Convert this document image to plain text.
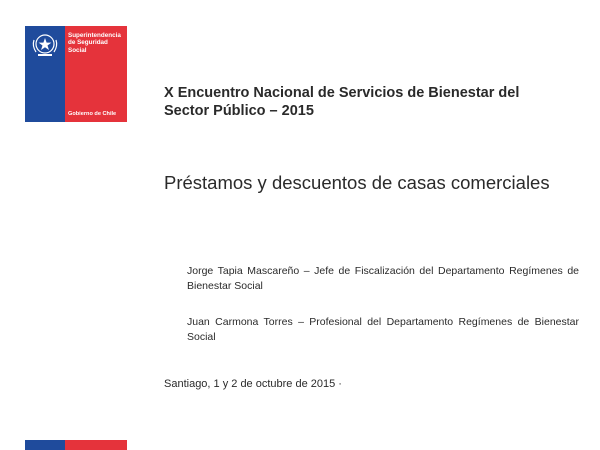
Superintendencia
de Seguridad
Social
Gobierno de Chile
X Encuentro Nacional de Servicios de Bienestar del
Sector Público – 2015
Préstamos y descuentos de casas comerciales
Jorge Tapia Mascareño – Jefe de Fiscalización del Departamento Regímenes de Bienestar Social
Juan Carmona Torres – Profesional del Departamento Regímenes de Bienestar Social
Santiago, 1 y 2 de octubre de 2015 ·
